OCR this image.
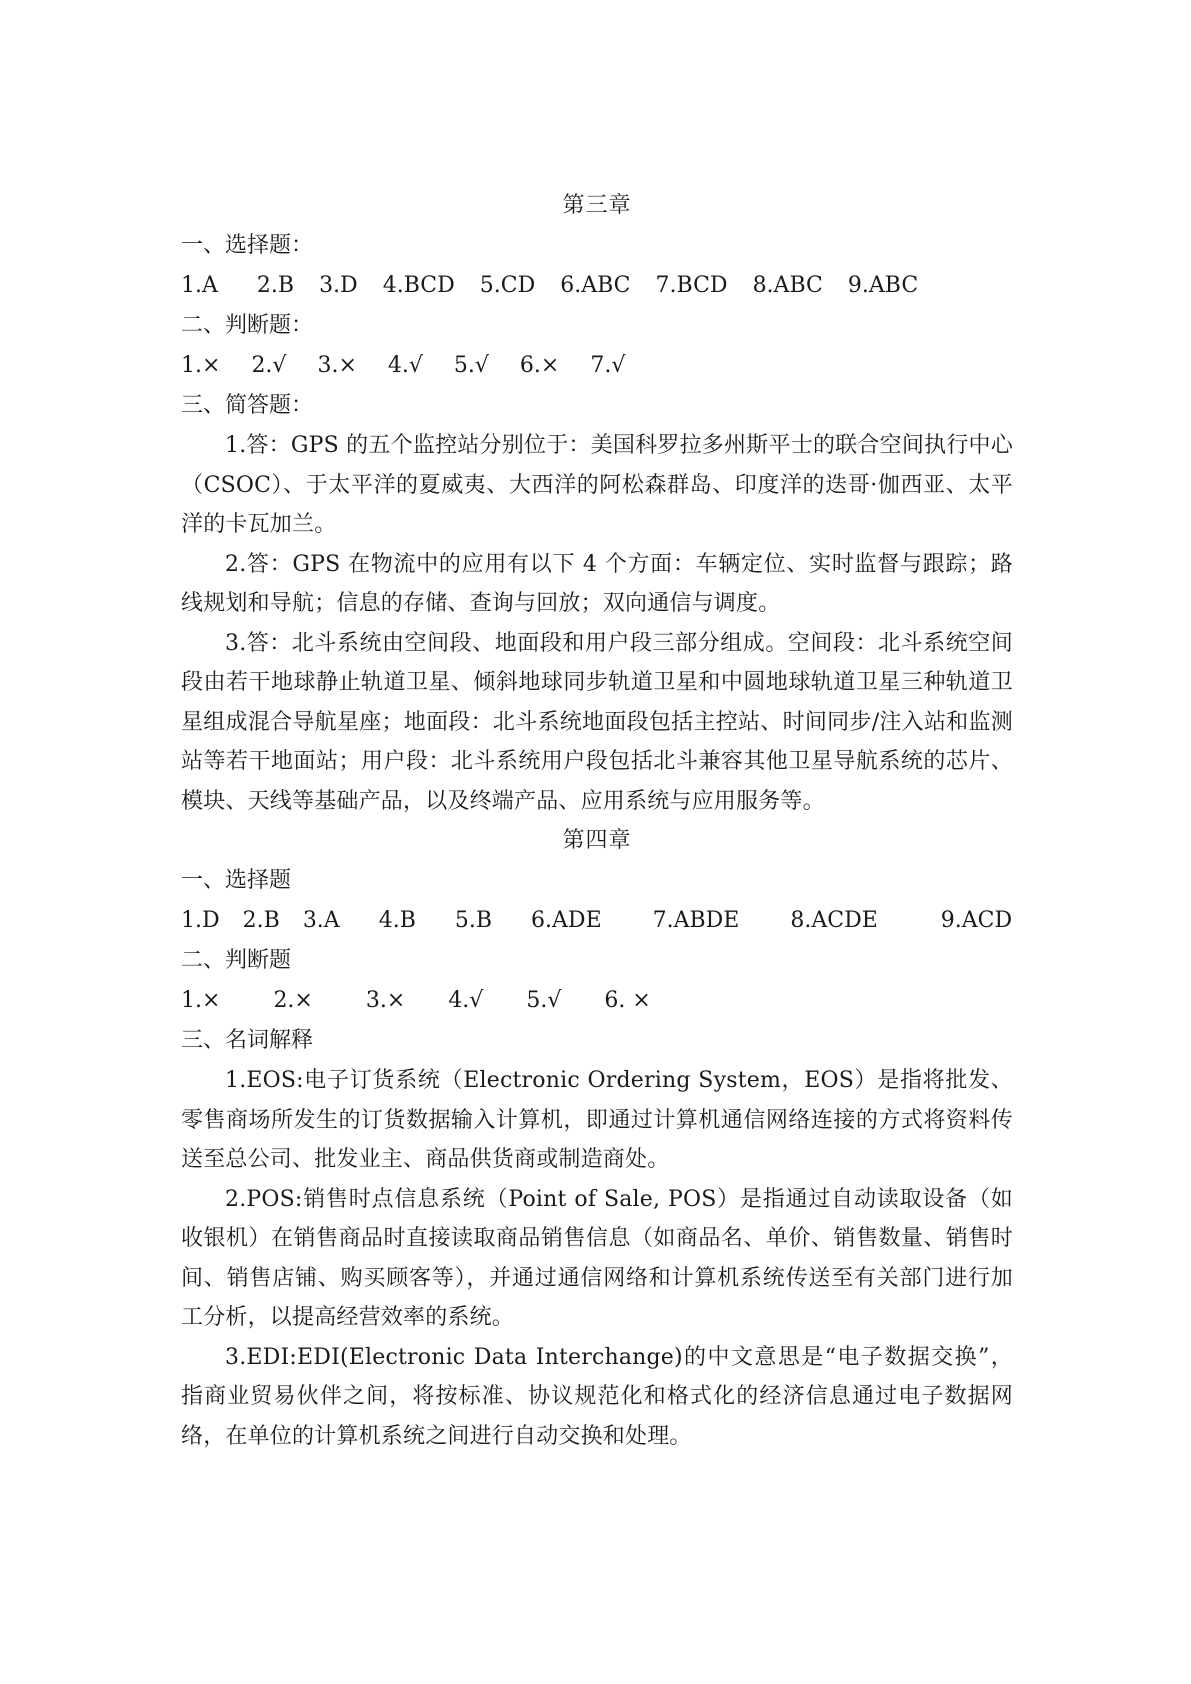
第三章
一、选择题：
1.A 2.B 3.D 4.BCD 5.CD 6.ABC 7.BCD 8.ABC 9.ABC
二、判断题：
1.× 2.√ 3.× 4.√ 5.√ 6.× 7.√
三、简答题：
1.答：GPS 的五个监控站分别位于：美国科罗拉多州斯平士的联合空间执行中心（CSOC）、于太平洋的夏威夷、大西洋的阿松森群岛、印度洋的迭哥·伽西亚、太平洋的卡瓦加兰。
2.答：GPS 在物流中的应用有以下 4 个方面：车辆定位、实时监督与跟踪；路线规划和导航；信息的存储、查询与回放；双向通信与调度。
3.答：北斗系统由空间段、地面段和用户段三部分组成。空间段：北斗系统空间段由若干地球静止轨道卫星、倾斜地球同步轨道卫星和中圆地球轨道卫星三种轨道卫星组成混合导航星座；地面段：北斗系统地面段包括主控站、时间同步/注入站和监测站等若干地面站；用户段：北斗系统用户段包括北斗兼容其他卫星导航系统的芯片、模块、天线等基础产品，以及终端产品、应用系统与应用服务等。
第四章
一、选择题
1.D 2.B 3.A 4.B 5.B 6.ADE 7.ABDE 8.ACDE	9.ACD
二、判断题
1.× 2.× 3.× 4.√ 5.√ 6. ×
三、名词解释
1.EOS:电子订货系统（Electronic Ordering System，EOS）是指将批发、零售商场所发生的订货数据输入计算机，即通过计算机通信网络连接的方式将资料传送至总公司、批发业主、商品供货商或制造商处。
2.POS:销售时点信息系统（Point of Sale, POS）是指通过自动读取设备（如收银机）在销售商品时直接读取商品销售信息（如商品名、单价、销售数量、销售时间、销售店铺、购买顾客等），并通过通信网络和计算机系统传送至有关部门进行加工分析，以提高经营效率的系统。
3.EDI:EDI(Electronic Data Interchange)的中文意思是“电子数据交换”，指商业贸易伙伴之间，将按标准、协议规范化和格式化的经济信息通过电子数据网络，在单位的计算机系统之间进行自动交换和处理。
